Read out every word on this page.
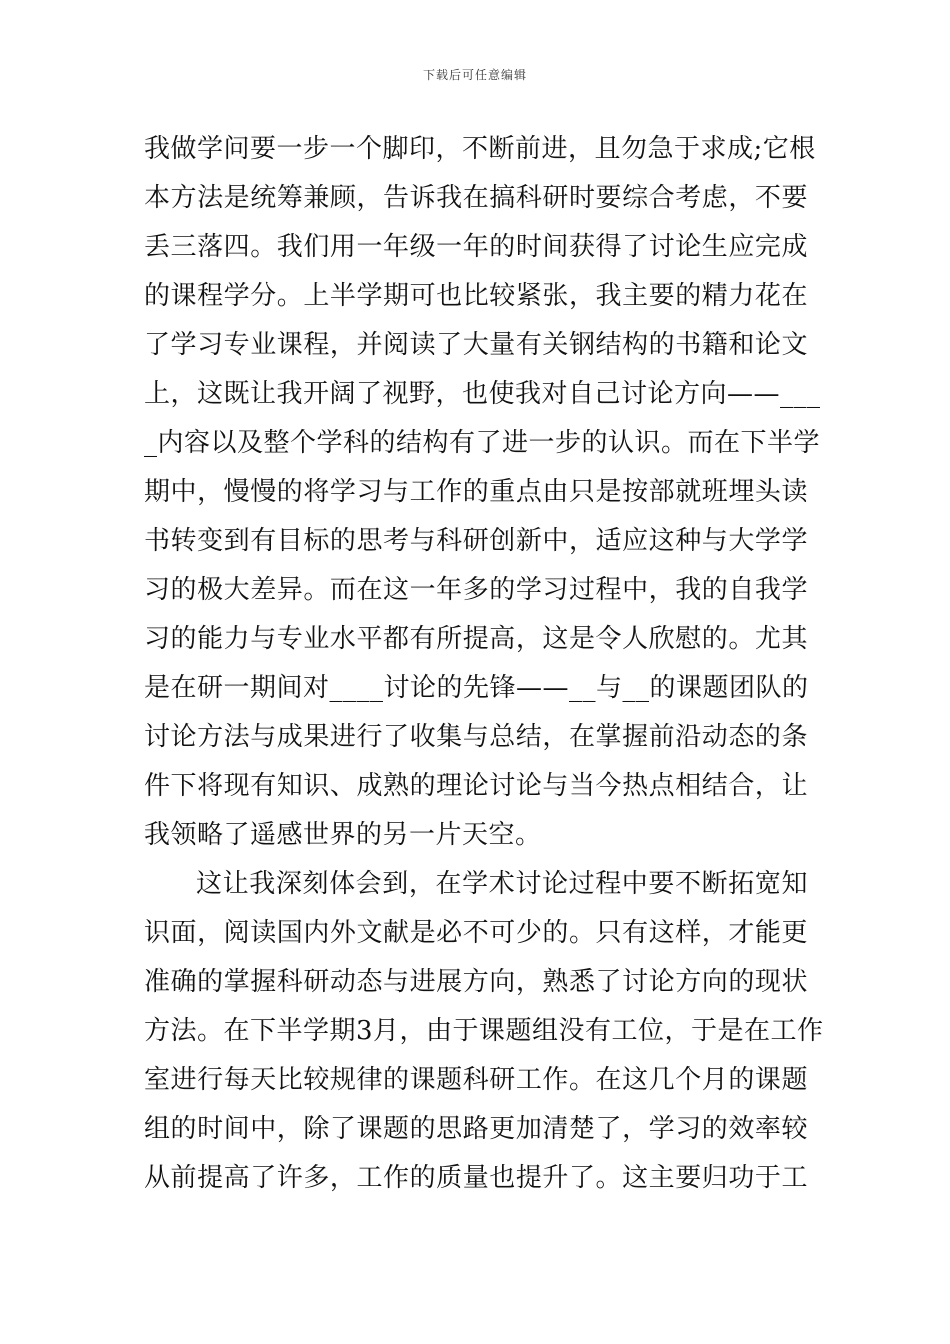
下载后可任意编辑
我做学问要一步一个脚印，不断前进，且勿急于求成;它根
本方法是统筹兼顾，告诉我在搞科研时要综合考虑，不要
丢三落四。我们用一年级一年的时间获得了讨论生应完成
的课程学分。上半学期可也比较紧张，我主要的精力花在
了学习专业课程，并阅读了大量有关钢结构的书籍和论文
上，这既让我开阔了视野，也使我对自己讨论方向——___
_内容以及整个学科的结构有了进一步的认识。而在下半学
期中，慢慢的将学习与工作的重点由只是按部就班埋头读
书转变到有目标的思考与科研创新中，适应这种与大学学
习的极大差异。而在这一年多的学习过程中，我的自我学
习的能力与专业水平都有所提高，这是令人欣慰的。尤其
是在研一期间对____讨论的先锋——__与__的课题团队的
讨论方法与成果进行了收集与总结，在掌握前沿动态的条
件下将现有知识、成熟的理论讨论与当今热点相结合，让
我领略了遥感世界的另一片天空。
这让我深刻体会到，在学术讨论过程中要不断拓宽知
识面，阅读国内外文献是必不可少的。只有这样，才能更
准确的掌握科研动态与进展方向，熟悉了讨论方向的现状
方法。在下半学期3月，由于课题组没有工位，于是在工作
室进行每天比较规律的课题科研工作。在这几个月的课题
组的时间中，除了课题的思路更加清楚了，学习的效率较
从前提高了许多，工作的质量也提升了。这主要归功于工
